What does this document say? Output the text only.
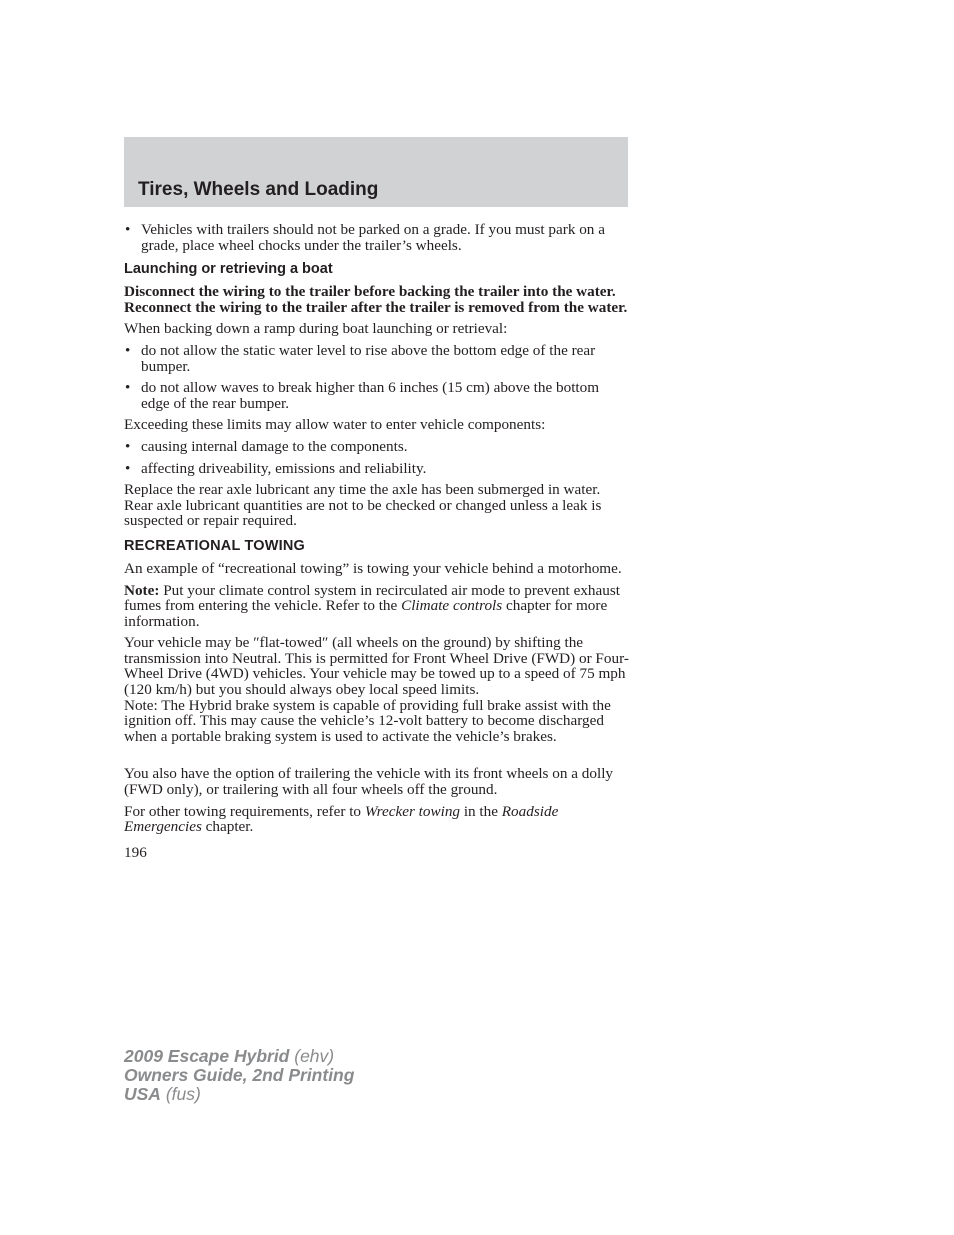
Tires, Wheels and Loading
• Vehicles with trailers should not be parked on a grade. If you must park on a grade, place wheel chocks under the trailer’s wheels.
Launching or retrieving a boat

Disconnect the wiring to the trailer before backing the trailer into the water. Reconnect the wiring to the trailer after the trailer is removed from the water.

When backing down a ramp during boat launching or retrieval:

• do not allow the static water level to rise above the bottom edge of the rear bumper.
• do not allow waves to break higher than 6 inches (15 cm) above the bottom edge of the rear bumper.

Exceeding these limits may allow water to enter vehicle components:

• causing internal damage to the components.
• affecting driveability, emissions and reliability.

Replace the rear axle lubricant any time the axle has been submerged in water. Rear axle lubricant quantities are not to be checked or changed unless a leak is suspected or repair required.

RECREATIONAL TOWING

An example of “recreational towing” is towing your vehicle behind a motorhome.

Note: Put your climate control system in recirculated air mode to prevent exhaust fumes from entering the vehicle. Refer to the Climate controls chapter for more information.

Your vehicle may be ″flat-towed″ (all wheels on the ground) by shifting the transmission into Neutral. This is permitted for Front Wheel Drive (FWD) or Four-Wheel Drive (4WD) vehicles. Your vehicle may be towed up to a speed of 75 mph (120 km/h) but you should always obey local speed limits.

Note: The Hybrid brake system is capable of providing full brake assist with the ignition off. This may cause the vehicle’s 12-volt battery to become discharged when a portable braking system is used to activate the vehicle’s brakes.

You also have the option of trailering the vehicle with its front wheels on a dolly (FWD only), or trailering with all four wheels off the ground.

For other towing requirements, refer to Wrecker towing in the Roadside Emergencies chapter.

196
2009 Escape Hybrid (ehv)
Owners Guide, 2nd Printing
USA (fus)
